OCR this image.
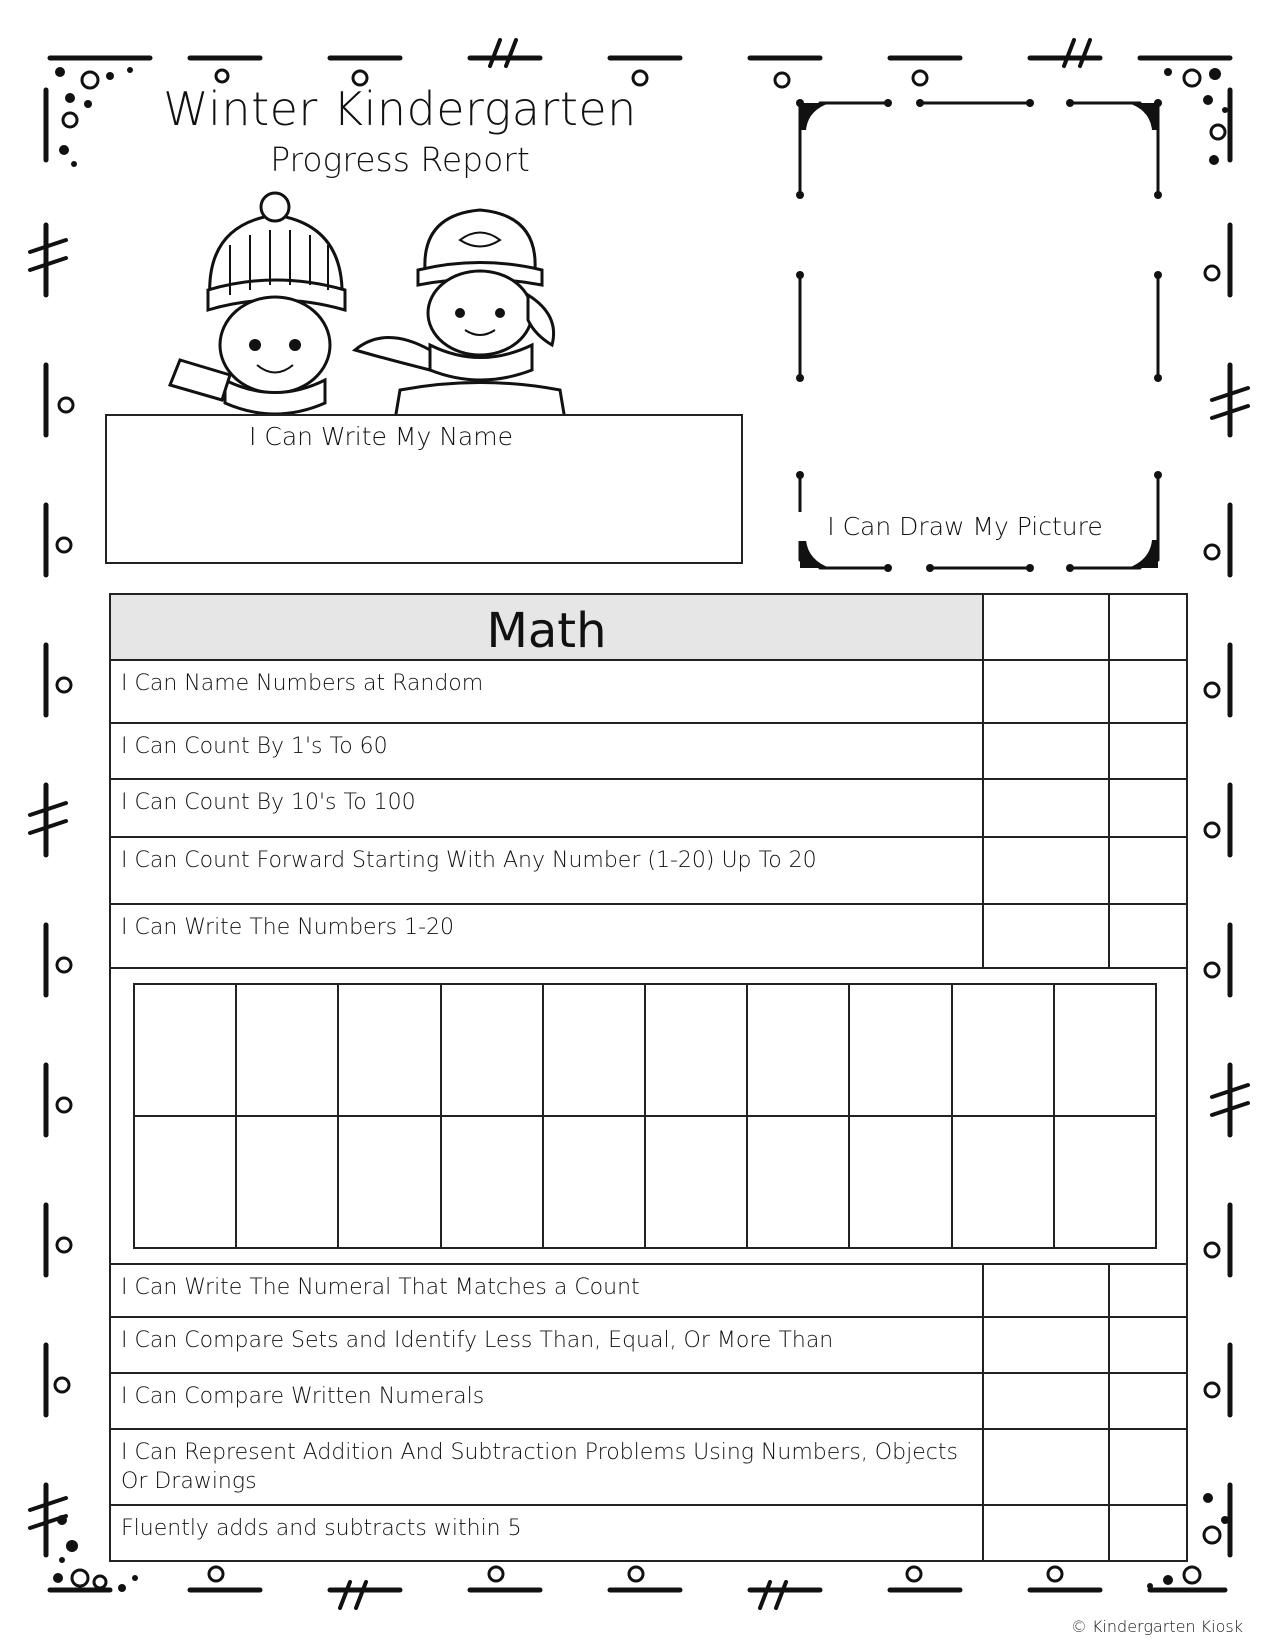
Winter Kindergarten
Progress Report
I Can Write My Name
I Can Draw My Picture
Math		
I Can Name Numbers at Random		
I Can Count By 1's To 60		
I Can Count By 10's To 100		
I Can Count Forward Starting With Any Number (1-20) Up To 20		
I Can Write The Numbers 1-20		

I Can Write The Numeral That Matches a Count		
I Can Compare Sets and Identify Less Than, Equal, Or More Than		
I Can Compare Written Numerals		
I Can Represent Addition And Subtraction Problems Using Numbers, Objects Or Drawings		
Fluently adds and subtracts within 5		
© Kindergarten Kiosk
